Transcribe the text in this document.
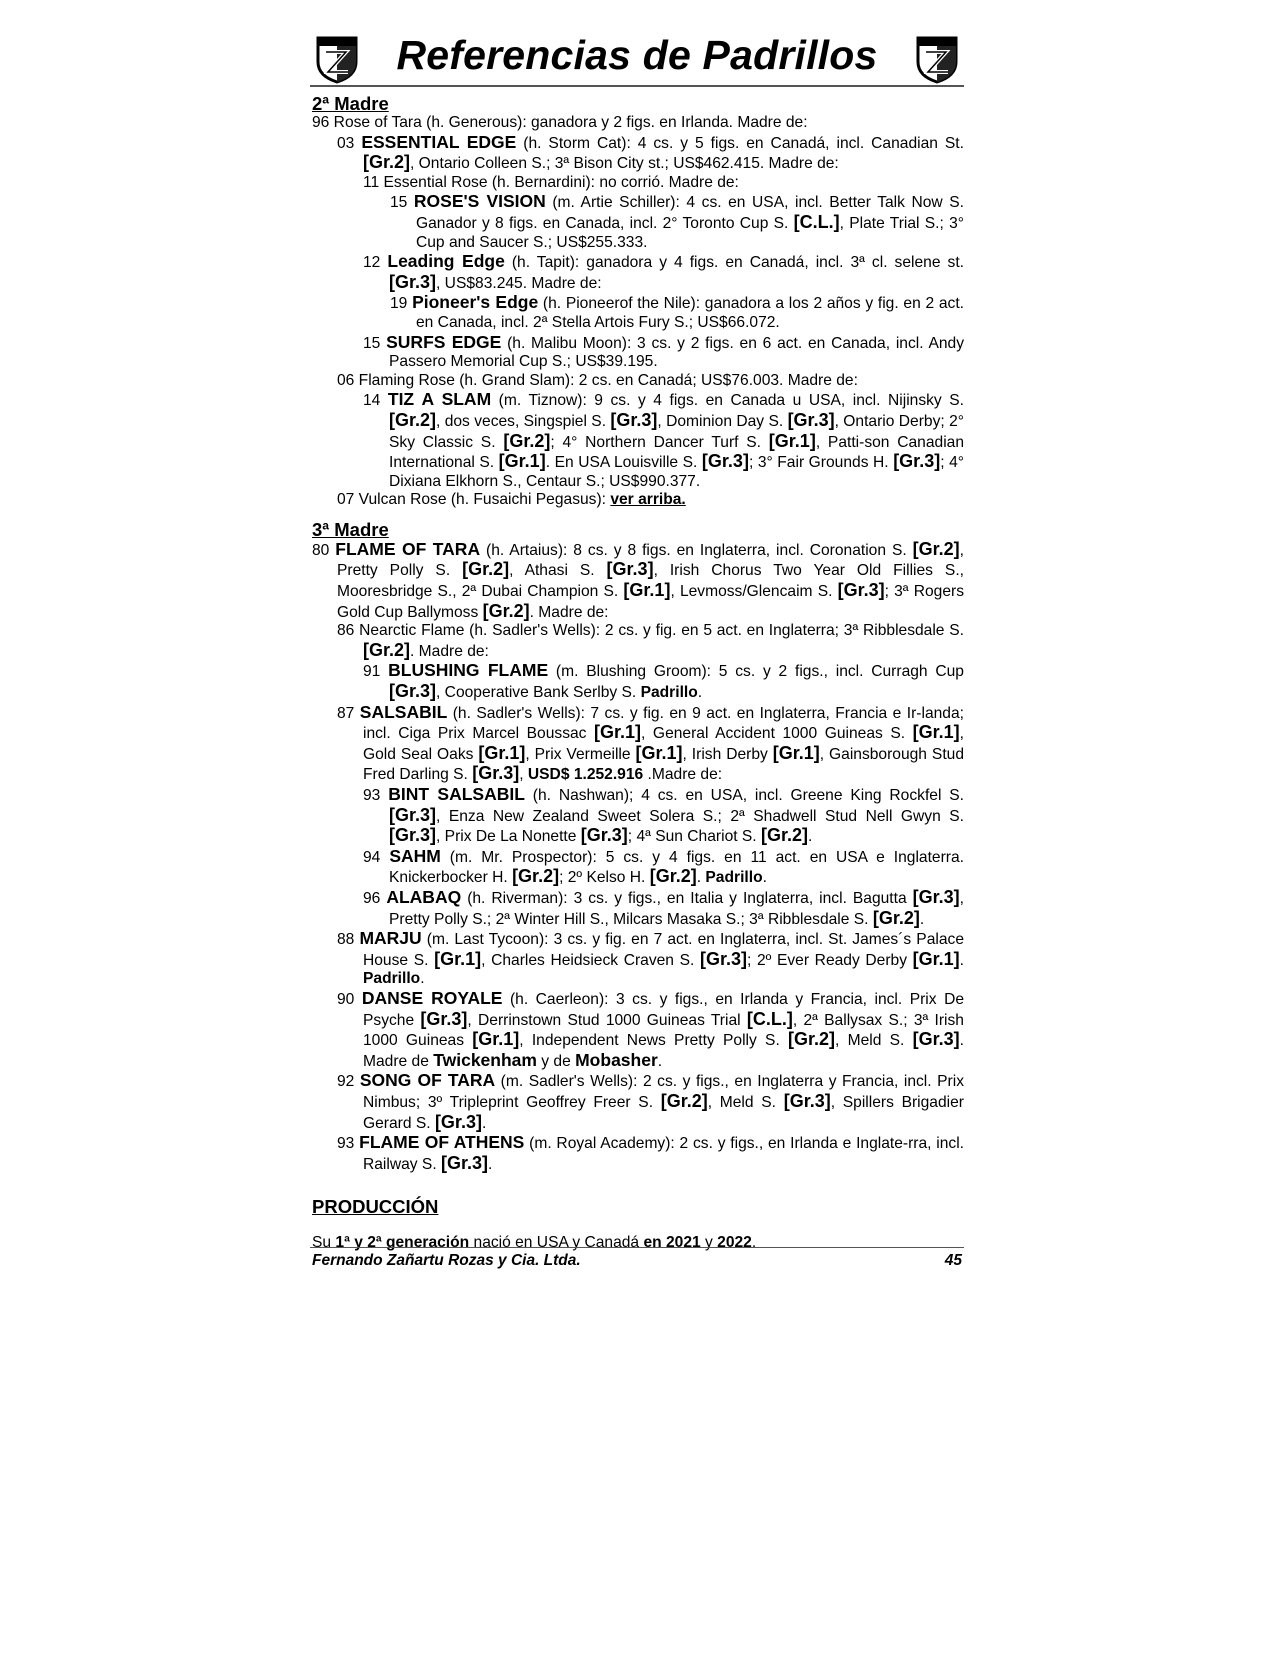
Referencias de Padrillos
2ª Madre

96 Rose of Tara (h. Generous): ganadora y 2 figs. en Irlanda. Madre de:

03 ESSENTIAL EDGE (h. Storm Cat): 4 cs. y 5 figs. en Canadá, incl. Canadian St. [Gr.2], Ontario Colleen S.; 3ª Bison City st.; US$462.415. Madre de:

11 Essential Rose (h. Bernardini): no corrió. Madre de:

15 ROSE'S VISION (m. Artie Schiller): 4 cs. en USA, incl. Better Talk Now S. Ganador y 8 figs. en Canada, incl. 2° Toronto Cup S. [C.L.], Plate Trial S.; 3° Cup and Saucer S.; US$255.333.

12 Leading Edge (h. Tapit): ganadora y 4 figs. en Canadá, incl. 3ª cl. selene st. [Gr.3], US$83.245. Madre de:

19 Pioneer's Edge (h. Pioneerof the Nile): ganadora a los 2 años y fig. en 2 act. en Canada, incl. 2ª Stella Artois Fury S.; US$66.072.

15 SURFS EDGE (h. Malibu Moon): 3 cs. y 2 figs. en 6 act. en Canada, incl. Andy Passero Memorial Cup S.; US$39.195.

06 Flaming Rose (h. Grand Slam): 2 cs. en Canadá; US$76.003. Madre de:

14 TIZ A SLAM (m. Tiznow): 9 cs. y 4 figs. en Canada u USA, incl. Nijinsky S. [Gr.2], dos veces, Singspiel S. [Gr.3], Dominion Day S. [Gr.3], Ontario Derby; 2° Sky Classic S. [Gr.2]; 4° Northern Dancer Turf S. [Gr.1], Patti-son Canadian International S. [Gr.1]. En USA Louisville S. [Gr.3]; 3° Fair Grounds H. [Gr.3]; 4° Dixiana Elkhorn S., Centaur S.; US$990.377.

07 Vulcan Rose (h. Fusaichi Pegasus): ver arriba.

3ª Madre

80 FLAME OF TARA (h. Artaius): 8 cs. y 8 figs. en Inglaterra, incl. Coronation S. [Gr.2], Pretty Polly S. [Gr.2], Athasi S. [Gr.3], Irish Chorus Two Year Old Fillies S., Mooresbridge S., 2ª Dubai Champion S. [Gr.1], Levmoss/Glencaim S. [Gr.3]; 3ª Rogers Gold Cup Ballymoss [Gr.2]. Madre de:

86 Nearctic Flame (h. Sadler's Wells): 2 cs. y fig. en 5 act. en Inglaterra; 3ª Ribblesdale S. [Gr.2]. Madre de:

91 BLUSHING FLAME (m. Blushing Groom): 5 cs. y 2 figs., incl. Curragh Cup [Gr.3], Cooperative Bank Serlby S. Padrillo.

87 SALSABIL (h. Sadler's Wells): 7 cs. y fig. en 9 act. en Inglaterra, Francia e Ir-landa; incl. Ciga Prix Marcel Boussac [Gr.1], General Accident 1000 Guineas S. [Gr.1], Gold Seal Oaks [Gr.1], Prix Vermeille [Gr.1], Irish Derby [Gr.1], Gainsborough Stud Fred Darling S. [Gr.3], USD$ 1.252.916 .Madre de:

93 BINT SALSABIL (h. Nashwan); 4 cs. en USA, incl. Greene King Rockfel S. [Gr.3], Enza New Zealand Sweet Solera S.; 2ª Shadwell Stud Nell Gwyn S. [Gr.3], Prix De La Nonette [Gr.3]; 4ª Sun Chariot S. [Gr.2].

94 SAHM (m. Mr. Prospector): 5 cs. y 4 figs. en 11 act. en USA e Inglaterra. Knickerbocker H. [Gr.2]; 2º Kelso H. [Gr.2]. Padrillo.

96 ALABAQ (h. Riverman): 3 cs. y figs., en Italia y Inglaterra, incl. Bagutta [Gr.3], Pretty Polly S.; 2ª Winter Hill S., Milcars Masaka S.; 3ª Ribblesdale S. [Gr.2].

88 MARJU (m. Last Tycoon): 3 cs. y fig. en 7 act. en Inglaterra, incl. St. James´s Palace House S. [Gr.1], Charles Heidsieck Craven S. [Gr.3]; 2º Ever Ready Derby [Gr.1]. Padrillo.

90 DANSE ROYALE (h. Caerleon): 3 cs. y figs., en Irlanda y Francia, incl. Prix De Psyche [Gr.3], Derrinstown Stud 1000 Guineas Trial [C.L.], 2ª Ballysax S.; 3ª Irish 1000 Guineas [Gr.1], Independent News Pretty Polly S. [Gr.2], Meld S. [Gr.3]. Madre de Twickenham y de Mobasher.

92 SONG OF TARA (m. Sadler's Wells): 2 cs. y figs., en Inglaterra y Francia, incl. Prix Nimbus; 3º Tripleprint Geoffrey Freer S. [Gr.2], Meld S. [Gr.3], Spillers Brigadier Gerard S. [Gr.3].

93 FLAME OF ATHENS (m. Royal Academy): 2 cs. y figs., en Irlanda e Inglate-rra, incl. Railway S. [Gr.3].

PRODUCCIÓN

Su 1ª y 2ª generación nació en USA y Canadá en 2021 y 2022.

Fernando Zañartu Rozas y Cia. Ltda.	45
